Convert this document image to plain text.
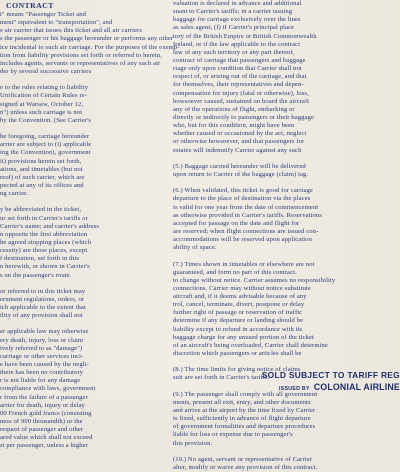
CONTRACT
t" means "Passenger Ticket and
ment" equivalent to "transportation", and
e air carrier that issues this ticket and all air carriers
s the passenger or his baggage hereunder or performs any other
ice incidental to such air carriage. For the purposes of the exemp-
tion from liability provisions set forth or referred to herein,
includes agents, servants or representatives of any such air
der by several successive carriers
e to the rules relating to liability
Unification of Certain Rules re-
signed at Warsaw, October 12,
n") unless such carriage is not
by the Convention. (See Carrier's
he foregoing, carriage hereunder
arrier are subject to (i) applicable
ing the Convention), government
ii) provisions herein set forth,
ations, and timetables (but not
reof) of such carrier, which are
pected at any of its offices and
ng carrier.
y be abbreviated in the ticket,
ur set forth in Carrier's tariffs or
Carrier's name; and carrier's address
n opposite the first abbreviation
he agreed stopping places (which
cessity) are those places, except
f destination, set forth in this
n herewith, or shown in Carrier's
s on the passenger's route.
or referred to in this ticket may
ernment regulations, orders, or
ich applicable to the extent that
ility of any provision shall not
er applicable law may otherwise
ery death, injury, loss or claim
ively referred to as "damage")
carriage or other services inci-
e have been caused by the negli-
there has been no contributory
r is not liable for any damage
compliance with laws, government
r from the failure of a passenger
arrier for death, injury or delay
00 French gold francs (consisting
ness of 900 thousandth) or the
request of passenger and other
ared value which shall not exceed
st per passenger, unless a higher
valuation is declared in advance and additional
suant to Carrier's tariffs; in a carrier issuing
baggage for carriage exclusively over the lines
as sales agent; (f) if Carrier's principal place
tory of the British Empire or British Commonwealth
Ireland, or if the law applicable to the contract
law of any such territory or any part thereof,
contract of carriage that passengers and baggage
riage only upon condition that Carrier shall not
respect of, or arising out of the carriage, and that
for themselves, their representatives and depen-
compensation for injury (fatal or otherwise), loss,
howsoever caused, sustained on board the aircraft
any of the operations of flight, embarking or
directly or indirectly to passengers or their baggage
who, but for this condition, might have been
whether caused or occasioned by the act, neglect
or otherwise howsoever, and that passengers for
estates will indemnify Carrier against any such
(5.) Baggage carried hereunder will be delivered
upon return to Carrier of the baggage (claim) tag.
(6.) When validated, this ticket is good for carriage
departure to the place of destination via the places
is valid for one year from the date of commencement
as otherwise provided in Carrier's tariffs. Reservations
accepted for passage on the date and flight for
are reserved; when flight connections are issued con-
accommodations will be reserved upon application
ability of space.
(7.) Times shown in timetables or elsewhere are not
guaranteed, and form no part of this contract.
to change without notice. Carrier assumes no responsibility
connections. Carrier may without notice substitute
aircraft and, if it deems advisable because of any
trol, cancel, terminate, divert, postpone or delay
further right of passage or reservation of traffic
determine if any departure or landing should be
liability except to refund in accordance with its
baggage charge for any unused portion of the ticket
of an aircraft's being overloaded, Carrier shall determine
discretion which passengers or articles shall be
(8.) The time limits for giving notice of claims
suit are set forth in Carrier's tariffs.
(9.) The passenger shall comply with all government
ments, present all exit, entry, and other documents
and arrive at the airport by the time fixed by Carrier
is fixed, sufficiently in advance of flight departure
of government formalities and departure procedures
liable for loss or expense due to passenger's
this provision.
(10.) No agent, servant or representative of Carrier
alter, modify or waive any provision of this contract.
SOLD SUBJECT TO TARIFF REG
ISSUED BY COLONIAL AIRLINE
